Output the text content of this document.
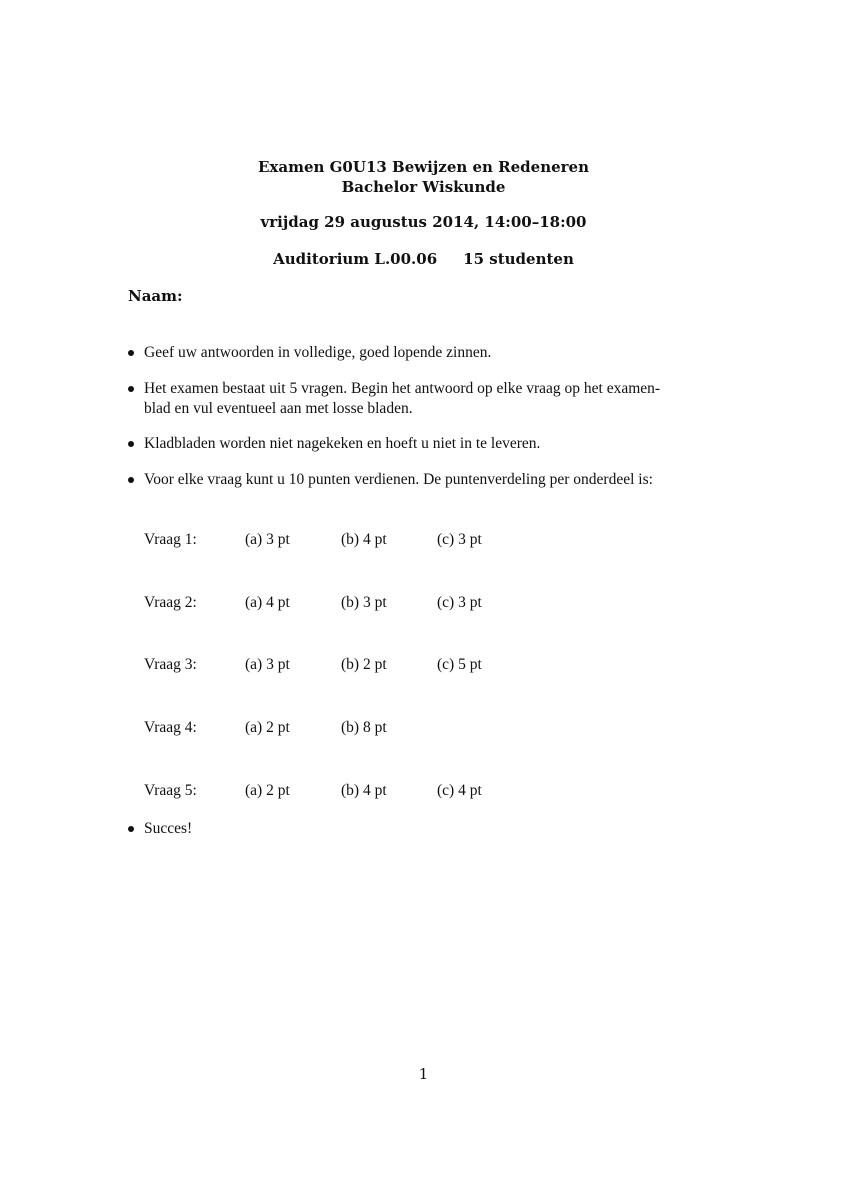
Examen G0U13 Bewijzen en Redeneren
Bachelor Wiskunde
vrijdag 29 augustus 2014, 14:00–18:00
Auditorium L.00.06 15 studenten
Naam:
Geef uw antwoorden in volledige, goed lopende zinnen.
Het examen bestaat uit 5 vragen. Begin het antwoord op elke vraag op het examen-
blad en vul eventueel aan met losse bladen.
Kladbladen worden niet nagekeken en hoeft u niet in te leveren.
Voor elke vraag kunt u 10 punten verdienen. De puntenverdeling per onderdeel is:
Vraag 1:	(a) 3 pt	(b) 4 pt	(c) 3 pt
Vraag 2:	(a) 4 pt	(b) 3 pt	(c) 3 pt
Vraag 3:	(a) 3 pt	(b) 2 pt	(c) 5 pt
Vraag 4:	(a) 2 pt	(b) 8 pt
Vraag 5:	(a) 2 pt	(b) 4 pt	(c) 4 pt
Succes!
1
